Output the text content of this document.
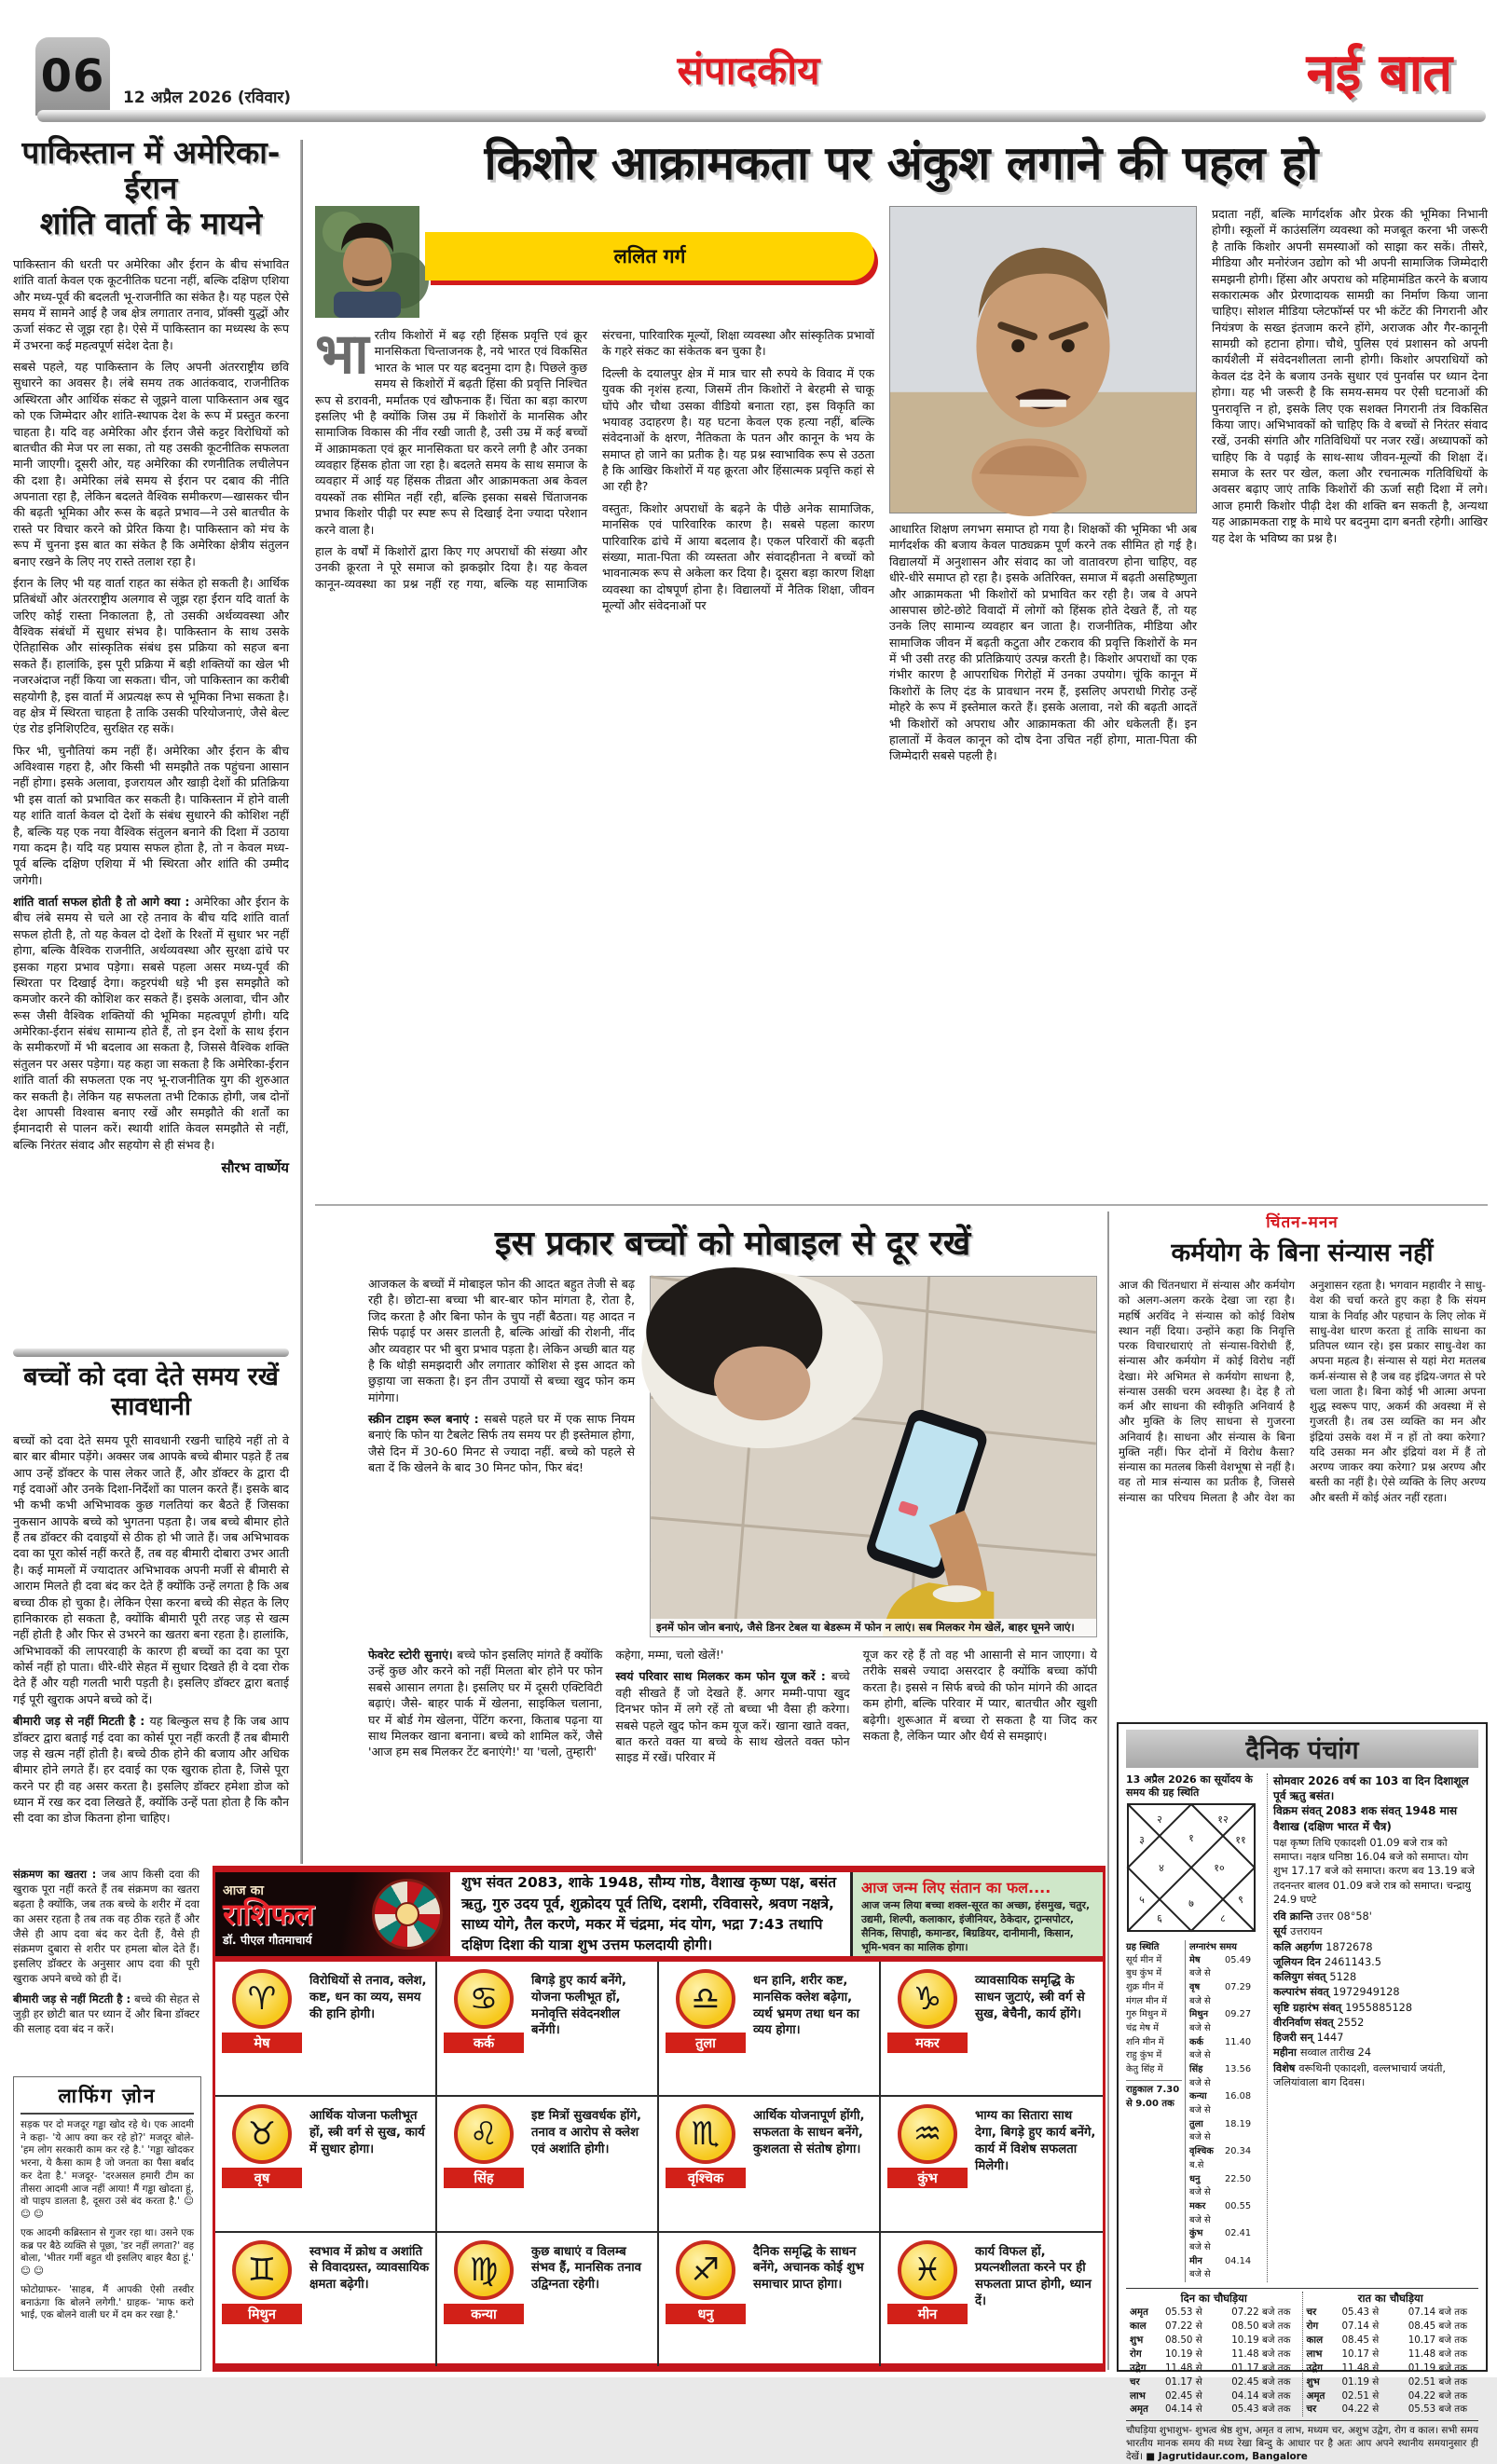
06 12 अप्रैल 2026 (रविवार)
संपादकीय	नई बात
पाकिस्तान में अमेरिका- ईरान
शांति वार्ता के मायने

पाकिस्तान की धरती पर अमेरिका और ईरान के बीच संभावित शांति वार्ता केवल एक कूटनीतिक घटना नहीं, बल्कि दक्षिण एशिया और मध्य-पूर्व की बदलती भू-राजनीति का संकेत है। यह पहल ऐसे समय में सामने आई है जब क्षेत्र लगातार तनाव, प्रॉक्सी युद्धों और ऊर्जा संकट से जूझ रहा है। ऐसे में पाकिस्तान का मध्यस्थ के रूप में उभरना कई महत्वपूर्ण संदेश देता है।

सबसे पहले, यह पाकिस्तान के लिए अपनी अंतरराष्ट्रीय छवि सुधारने का अवसर है। लंबे समय तक आतंकवाद, राजनीतिक अस्थिरता और आर्थिक संकट से जूझने वाला पाकिस्तान अब खुद को एक जिम्मेदार और शांति-स्थापक देश के रूप में प्रस्तुत करना चाहता है। यदि वह अमेरिका और ईरान जैसे कट्टर विरोधियों को बातचीत की मेज पर ला सका, तो यह उसकी कूटनीतिक सफलता मानी जाएगी। दूसरी ओर, यह अमेरिका की रणनीतिक लचीलेपन की दशा है। अमेरिका लंबे समय से ईरान पर दबाव की नीति अपनाता रहा है, लेकिन बदलते वैश्विक समीकरण—खासकर चीन की बढ़ती भूमिका और रूस के बढ़ते प्रभाव—ने उसे बातचीत के रास्ते पर विचार करने को प्रेरित किया है। पाकिस्तान को मंच के रूप में चुनना इस बात का संकेत है कि अमेरिका क्षेत्रीय संतुलन बनाए रखने के लिए नए रास्ते तलाश रहा है।

ईरान के लिए भी यह वार्ता राहत का संकेत हो सकती है। आर्थिक प्रतिबंधों और अंतरराष्ट्रीय अलगाव से जूझ रहा ईरान यदि वार्ता के जरिए कोई रास्ता निकालता है, तो उसकी अर्थव्यवस्था और वैश्विक संबंधों में सुधार संभव है। पाकिस्तान के साथ उसके ऐतिहासिक और सांस्कृतिक संबंध इस प्रक्रिया को सहज बना सकते हैं। हालांकि, इस पूरी प्रक्रिया में बड़ी शक्तियों का खेल भी नजरअंदाज नहीं किया जा सकता। चीन, जो पाकिस्तान का करीबी सहयोगी है, इस वार्ता में अप्रत्यक्ष रूप से भूमिका निभा सकता है। वह क्षेत्र में स्थिरता चाहता है ताकि उसकी परियोजनाएं, जैसे बेल्ट एंड रोड इनिशिएटिव, सुरक्षित रह सकें।

फिर भी, चुनौतियां कम नहीं हैं। अमेरिका और ईरान के बीच अविश्वास गहरा है, और किसी भी समझौते तक पहुंचना आसान नहीं होगा। इसके अलावा, इजरायल और खाड़ी देशों की प्रतिक्रिया भी इस वार्ता को प्रभावित कर सकती है। पाकिस्तान में होने वाली यह शांति वार्ता केवल दो देशों के संबंध सुधारने की कोशिश नहीं है, बल्कि यह एक नया वैश्विक संतुलन बनाने की दिशा में उठाया गया कदम है। यदि यह प्रयास सफल होता है, तो न केवल मध्य-पूर्व बल्कि दक्षिण एशिया में भी स्थिरता और शांति की उम्मीद जगेगी।

शांति वार्ता सफल होती है तो आगे क्या : अमेरिका और ईरान के बीच लंबे समय से चले आ रहे तनाव के बीच यदि शांति वार्ता सफल होती है, तो यह केवल दो देशों के रिश्तों में सुधार भर नहीं होगा, बल्कि वैश्विक राजनीति, अर्थव्यवस्था और सुरक्षा ढांचे पर इसका गहरा प्रभाव पड़ेगा। सबसे पहला असर मध्य-पूर्व की स्थिरता पर दिखाई देगा। कट्टरपंथी धड़े भी इस समझौते को कमजोर करने की कोशिश कर सकते हैं। इसके अलावा, चीन और रूस जैसी वैश्विक शक्तियों की भूमिका महत्वपूर्ण होगी। यदि अमेरिका-ईरान संबंध सामान्य होते हैं, तो इन देशों के साथ ईरान के समीकरणों में भी बदलाव आ सकता है, जिससे वैश्विक शक्ति संतुलन पर असर पड़ेगा। यह कहा जा सकता है कि अमेरिका-ईरान शांति वार्ता की सफलता एक नए भू-राजनीतिक युग की शुरुआत कर सकती है। लेकिन यह सफलता तभी टिकाऊ होगी, जब दोनों देश आपसी विश्वास बनाए रखें और समझौते की शर्तों का ईमानदारी से पालन करें। स्थायी शांति केवल समझौते से नहीं, बल्कि निरंतर संवाद और सहयोग से ही संभव है।

सौरभ वार्ष्णेय
किशोर आक्रामकता पर अंकुश लगाने की पहल हो
ललित गर्ग

भारतीय किशोरों में बढ़ रही हिंसक प्रवृत्ति एवं क्रूर मानसिकता चिन्ताजनक है, नये भारत एवं विकसित भारत के भाल पर यह बदनुमा दाग है। पिछले कुछ समय से किशोरों में बढ़ती हिंसा की प्रवृत्ति निश्चित रूप से डरावनी, मर्मांतक एवं खौफनाक हैं। चिंता का बड़ा कारण इसलिए भी है क्योंकि जिस उम्र में किशोरों के मानसिक और सामाजिक विकास की नींव रखी जाती है, उसी उम्र में कई बच्चों में आक्रामकता एवं क्रूर मानसिकता घर करने लगी है और उनका व्यवहार हिंसक होता जा रहा है। बदलते समय के साथ समाज के व्यवहार में आई यह हिंसक तीव्रता और आक्रामकता अब केवल वयस्कों तक सीमित नहीं रही, बल्कि इसका सबसे चिंताजनक प्रभाव किशोर पीढ़ी पर स्पष्ट रूप से दिखाई देना ज्यादा परेशान करने वाला है।

हाल के वर्षों में किशोरों द्वारा किए गए अपराधों की संख्या और उनकी क्रूरता ने पूरे समाज को झकझोर दिया है। यह केवल कानून-व्यवस्था का प्रश्न नहीं रह गया, बल्कि यह सामाजिक संरचना, पारिवारिक मूल्यों, शिक्षा व्यवस्था और सांस्कृतिक प्रभावों के गहरे संकट का संकेतक बन चुका है।

दिल्ली के दयालपुर क्षेत्र में मात्र चार सौ रुपये के विवाद में एक युवक की नृशंस हत्या, जिसमें तीन किशोरों ने बेरहमी से चाकू घोंपे और चौथा उसका वीडियो बनाता रहा, इस विकृति का भयावह उदाहरण है। यह घटना केवल एक हत्या नहीं, बल्कि संवेदनाओं के क्षरण, नैतिकता के पतन और कानून के भय के समाप्त हो जाने का प्रतीक है। यह प्रश्न स्वाभाविक रूप से उठता है कि आखिर किशोरों में यह क्रूरता और हिंसात्मक प्रवृत्ति कहां से आ रही है?

वस्तुतः, किशोर अपराधों के बढ़ने के पीछे अनेक सामाजिक, मानसिक एवं पारिवारिक कारण है। सबसे पहला कारण पारिवारिक ढांचे में आया बदलाव है। एकल परिवारों की बढ़ती संख्या, माता-पिता की व्यस्तता और संवादहीनता ने बच्चों को भावनात्मक रूप से अकेला कर दिया है। दूसरा बड़ा कारण शिक्षा व्यवस्था का दोषपूर्ण होना है। विद्यालयों में नैतिक शिक्षा, जीवन मूल्यों और संवेदनाओं पर

आधारित शिक्षण लगभग समाप्त हो गया है। शिक्षकों की भूमिका भी अब मार्गदर्शक की बजाय केवल पाठ्यक्रम पूर्ण करने तक सीमित हो गई है। विद्यालयों में अनुशासन और संवाद का जो वातावरण होना चाहिए, वह धीरे-धीरे समाप्त हो रहा है। इसके अतिरिक्त, समाज में बढ़ती असहिष्णुता और आक्रामकता भी किशोरों को प्रभावित कर रही है। जब वे अपने आसपास छोटे-छोटे विवादों में लोगों को हिंसक होते देखते हैं, तो यह उनके लिए सामान्य व्यवहार बन जाता है। राजनीतिक, मीडिया और सामाजिक जीवन में बढ़ती कटुता और टकराव की प्रवृत्ति किशोरों के मन में भी उसी तरह की प्रतिक्रियाएं उत्पन्न करती है। किशोर अपराधों का एक गंभीर कारण है आपराधिक गिरोहों में उनका उपयोग। चूंकि कानून में किशोरों के लिए दंड के प्रावधान नरम हैं, इसलिए अपराधी गिरोह उन्हें मोहरे के रूप में इस्तेमाल करते हैं। इसके अलावा, नशे की बढ़ती आदतें भी किशोरों को अपराध और आक्रामकता की ओर धकेलती हैं। इन हालातों में केवल कानून को दोष देना उचित नहीं होगा, माता-पिता की जिम्मेदारी सबसे पहली है।

प्रदाता नहीं, बल्कि मार्गदर्शक और प्रेरक की भूमिका निभानी होगी। स्कूलों में काउंसलिंग व्यवस्था को मजबूत करना भी जरूरी है ताकि किशोर अपनी समस्याओं को साझा कर सकें। तीसरे, मीडिया और मनोरंजन उद्योग को भी अपनी सामाजिक जिम्मेदारी समझनी होगी। हिंसा और अपराध को महिमामंडित करने के बजाय सकारात्मक और प्रेरणादायक सामग्री का निर्माण किया जाना चाहिए। सोशल मीडिया प्लेटफॉर्म्स पर भी कंटेंट की निगरानी और नियंत्रण के सख्त इंतजाम करने होंगे, अराजक और गैर-कानूनी सामग्री को हटाना होगा। चौथे, पुलिस एवं प्रशासन को अपनी कार्यशैली में संवेदनशीलता लानी होगी। किशोर अपराधियों को केवल दंड देने के बजाय उनके सुधार एवं पुनर्वास पर ध्यान देना होगा। यह भी जरूरी है कि समय-समय पर ऐसी घटनाओं की पुनरावृत्ति न हो, इसके लिए एक सशक्त निगरानी तंत्र विकसित किया जाए। अभिभावकों को चाहिए कि वे बच्चों से निरंतर संवाद रखें, उनकी संगति और गतिविधियों पर नजर रखें। अध्यापकों को चाहिए कि वे पढ़ाई के साथ-साथ जीवन-मूल्यों की शिक्षा दें। समाज के स्तर पर खेल, कला और रचनात्मक गतिविधियों के अवसर बढ़ाए जाएं ताकि किशोरों की ऊर्जा सही दिशा में लगे। आज हमारी किशोर पीढ़ी देश की शक्ति बन सकती है, अन्यथा यह आक्रामकता राष्ट्र के माथे पर बदनुमा दाग बनती रहेगी। आखिर यह देश के भविष्य का प्रश्न है।

बच्चों को दवा देते समय रखें सावधानी

बच्चों को दवा देते समय पूरी सावधानी रखनी चाहिये नहीं तो वे बार बार बीमार पड़ेंगे। अक्सर जब आपके बच्चे बीमार पड़ते हैं तब आप उन्हें डॉक्टर के पास लेकर जाते हैं, और डॉक्टर के द्वारा दी गई दवाओं और उनके दिशा-निर्देशों का पालन करते हैं। इसके बाद भी कभी कभी अभिभावक कुछ गलतियां कर बैठते हैं जिसका नुकसान आपके बच्चे को भुगतना पड़ता है। जब बच्चे बीमार होते हैं तब डॉक्टर की दवाइयों से ठीक हो भी जाते हैं। जब अभिभावक दवा का पूरा कोर्स नहीं करते हैं, तब वह बीमारी दोबारा उभर आती है। कई मामलों में ज्यादातर अभिभावक अपनी मर्जी से बीमारी से आराम मिलते ही दवा बंद कर देते हैं क्योंकि उन्हें लगता है कि अब बच्चा ठीक हो चुका है। लेकिन ऐसा करना बच्चे की सेहत के लिए हानिकारक हो सकता है, क्योंकि बीमारी पूरी तरह जड़ से खत्म नहीं होती है और फिर से उभरने का खतरा बना रहता है। हालांकि, अभिभावकों की लापरवाही के कारण ही बच्चों का दवा का पूरा कोर्स नहीं हो पाता। धीरे-धीरे सेहत में सुधार दिखते ही वे दवा रोक देते हैं और यही गलती भारी पड़ती है। इसलिए डॉक्टर द्वारा बताई गई पूरी खुराक अपने बच्चे को दें।

बीमारी जड़ से नहीं मिटती है : यह बिल्कुल सच है कि जब आप डॉक्टर द्वारा बताई गई दवा का कोर्स पूरा नहीं करती हैं तब बीमारी जड़ से खत्म नहीं होती है। बच्चे ठीक होने की बजाय और अधिक बीमार होने लगते हैं। हर दवाई का एक खुराक होता है, जिसे पूरा करने पर ही वह असर करता है। इसलिए डॉक्टर हमेशा डोज को ध्यान में रख कर दवा लिखते हैं, क्योंकि उन्हें पता होता है कि कौन सी दवा का डोज कितना होना चाहिए।

संक्रमण का खतरा : जब आप किसी दवा की खुराक पूरा नहीं करते हैं तब संक्रमण का खतरा बढ़ता है क्योंकि, जब तक बच्चे के शरीर में दवा का असर रहता है तब तक वह ठीक रहते हैं और जैसे ही आप दवा बंद कर देती हैं, वैसे ही संक्रमण दुबारा से शरीर पर हमला बोल देते हैं। इसलिए डॉक्टर के अनुसार आप दवा की पूरी खुराक अपने बच्चे को ही दें।

बीमारी जड़ से नहीं मिटती है : बच्चे की सेहत से जुड़ी हर छोटी बात पर ध्यान दें और बिना डॉक्टर की सलाह दवा बंद न करें।

लाफिंग ज़ोन

सड़क पर दो मजदूर गड्ढा खोद रहे थे। एक आदमी ने कहा- 'ये आप क्या कर रहे हो?' मजदूर बोले- 'हम लोग सरकारी काम कर रहे है.' 'गड्ढा खोदकर भरना, ये कैसा काम है जो जनता का पैसा बर्बाद कर देता है.' मजदूर- 'दरअसल हमारी टीम का तीसरा आदमी आज नहीं आया! मैं गड्ढा खोदता हूं, वो पाइप डालता है, दूसरा उसे बंद करता है.' ☺ ☺ ☺

एक आदमी कब्रिस्तान से गुजर रहा था। उसने एक कब्र पर बैठे व्यक्ति से पूछा, 'डर नहीं लगता?' वह बोला, 'भीतर गर्मी बहुत थी इसलिए बाहर बैठा हूं.' ☺ ☺

फोटोग्राफर- 'साहब, मैं आपकी ऐसी तस्वीर बनाऊंगा कि बोलने लगेगी.' ग्राहक- 'माफ करो भाई, एक बोलने वाली घर में दम कर रखा है.'

इस प्रकार बच्चों को मोबाइल से दूर रखें

आजकल के बच्चों में मोबाइल फोन की आदत बहुत तेजी से बढ़ रही है। छोटा-सा बच्चा भी बार-बार फोन मांगता है, रोता है, जिद करता है और बिना फोन के चुप नहीं बैठता। यह आदत न सिर्फ पढ़ाई पर असर डालती है, बल्कि आंखों की रोशनी, नींद और व्यवहार पर भी बुरा प्रभाव पड़ता है। लेकिन अच्छी बात यह है कि थोड़ी समझदारी और लगातार कोशिश से इस आदत को छुड़ाया जा सकता है। इन तीन उपायों से बच्चा खुद फोन कम मांगेगा।

स्क्रीन टाइम रूल बनाएं : सबसे पहले घर में एक साफ नियम बनाएं कि फोन या टैबलेट सिर्फ तय समय पर ही इस्तेमाल होगा, जैसे दिन में 30-60 मिनट से ज्यादा नहीं. बच्चे को पहले से बता दें कि खेलने के बाद 30 मिनट फोन, फिर बंद!

इनमें फोन जोन बनाएं, जैसे डिनर टेबल या बेडरूम में फोन न लाएं। सब मिलकर गेम खेलें, बाहर घूमने जाएं।

फेवरेट स्टोरी सुनाएं। बच्चे फोन इसलिए मांगते हैं क्योंकि उन्हें कुछ और करने को नहीं मिलता बोर होने पर फोन सबसे आसान लगता है। इसलिए घर में दूसरी एक्टिविटी बढ़ाएं। जैसे- बाहर पार्क में खेलना, साइकिल चलाना, घर में बोर्ड गेम खेलना, पेंटिंग करना, किताब पढ़ना या साथ मिलकर खाना बनाना। बच्चे को शामिल करें, जैसे 'आज हम सब मिलकर टेंट बनाएंगे!' या 'चलो, तुम्हारी'

कहेगा, मम्मा, चलो खेलें!'

स्वयं परिवार साथ मिलकर कम फोन यूज करें : बच्चे वही सीखते हैं जो देखते हैं. अगर मम्मी-पापा खुद दिनभर फोन में लगे रहें तो बच्चा भी वैसा ही करेगा। सबसे पहले खुद फोन कम यूज करें। खाना खाते वक्त, बात करते वक्त या बच्चे के साथ खेलते वक्त फोन साइड में रखें। परिवार में

यूज कर रहे हैं तो वह भी आसानी से मान जाएगा। ये तरीके सबसे ज्यादा असरदार है क्योंकि बच्चा कॉपी करता है। इससे न सिर्फ बच्चे की फोन मांगने की आदत कम होगी, बल्कि परिवार में प्यार, बातचीत और खुशी बढ़ेगी। शुरूआत में बच्चा रो सकता है या जिद कर सकता है, लेकिन प्यार और धैर्य से समझाएं।

चिंतन-मनन
कर्मयोग के बिना संन्यास नहीं
आज की चिंतनधारा में संन्यास और कर्मयोग को अलग-अलग करके देखा जा रहा है। महर्षि अरविंद ने संन्यास को कोई विशेष स्थान नहीं दिया। उन्होंने कहा कि निवृत्ति परक विचारधाराएं तो संन्यास-विरोधी हैं, संन्यास और कर्मयोग में कोई विरोध नहीं देखा। मेरे अभिमत से कर्मयोग साधना है, संन्यास उसकी चरम अवस्था है। देह है तो कर्म और साधना की स्वीकृति अनिवार्य है और मुक्ति के लिए साधना से गुजरना अनिवार्य है। साधना और संन्यास के बिना मुक्ति नहीं। फिर दोनों में विरोध कैसा? संन्यास का मतलब किसी वेशभूषा से नहीं है। वह तो मात्र संन्यास का प्रतीक है, जिससे संन्यास का परिचय मिलता है और वेश का अनुशासन रहता है। भगवान महावीर ने साधु-वेश की चर्चा करते हुए कहा है कि संयम यात्रा के निर्वाह और पहचान के लिए लोक में साधु-वेश धारण करता हूं ताकि साधना का प्रतिपल ध्यान रहे। इस प्रकार साधु-वेश का अपना महत्व है। संन्यास से यहां मेरा मतलब कर्म-संन्यास से है जब वह इंद्रिय-जगत से परे चला जाता है। बिना कोई भी आत्मा अपना शुद्ध स्वरूप पाए, अकर्म की अवस्था में से गुजरती है। तब उस व्यक्ति का मन और इंद्रियां उसके वश में न हों तो क्या करेगा? यदि उसका मन और इंद्रियां वश में हैं तो अरण्य जाकर क्या करेगा? प्रश्न अरण्य और बस्ती का नहीं है। ऐसे व्यक्ति के लिए अरण्य और बस्ती में कोई अंतर नहीं रहता।
दैनिक पंचांग
13 अप्रैल 2026 का सूर्योदय के समय की ग्रह स्थिति
१
२
३
४
५
६
७
८
९
१०
११
१२
ग्रह स्थिति
सूर्य मीन में
बुध कुंभ में
शुक्र मीन में
मंगल मीन में
गुरु मिथुन में
चंद्र मेष में
शनि मीन में
राहु कुंभ में
केतु सिंह में
राहुकाल 7.30 से 9.00 तक
लग्नारंभ समय
मेष	05.49 बजे से
वृष	07.29 बजे से
मिथुन 09.27 बजे से
कर्क 11.40 बजे से
सिंह 13.56 बजे से
कन्या 16.08 बजे से
तुला 18.19 बजे से
वृश्चिक 20.34 ब.से
धनु	22.50 बजे से
मकर 00.55 बजे से
कुंभ 02.41 बजे से
मीन 04.14 बजे से
सोमवार 2026 वर्ष का 103 वा दिन दिशाशूल पूर्व ऋतु बसंत।
विक्रम संवत् 2083 शक संवत् 1948 मास वैशाख (दक्षिण भारत में चैत्र)
पक्ष कृष्ण तिथि एकादशी 01.09 बजे रात्र को समाप्त। नक्षत्र धनिष्ठा 16.04 बजे को समाप्त। योग शुभ 17.17 बजे को समाप्त। करण बव 13.19 बजे तदनन्तर बालव 01.09 बजे रात्र को समाप्त। चन्द्रायु 24.9 घण्टे
रवि क्रान्ति उत्तर 08°58'
सूर्य उत्तरायन
कलि अहर्गण 1872678
जूलियन दिन 2461143.5
कलियुग संवत् 5128
कल्पारंभ संवत् 1972949128
सृष्टि ग्रहारंभ संवत् 1955885128
वीरनिर्वाण संवत् 2552
हिजरी सन् 1447
महीना सव्वाल तारीख 24
विशेष वरूथिनी एकादशी, वल्लभाचार्य जयंती, जलियांवाला बाग दिवस।
दिन का चौघड़िया
अमृत	05.53 से	07.22 बजे तक
काल	07.22 से	08.50 बजे तक
शुभ	08.50 से	10.19 बजे तक
रोग	10.19 से	11.48 बजे तक
उद्वेग	11.48 से	01.17 बजे तक
चर	01.17 से	02.45 बजे तक
लाभ	02.45 से	04.14 बजे तक
अमृत	04.14 से	05.43 बजे तक
रात का चौघड़िया
चर	05.43 से	07.14 बजे तक
रोग	07.14 से	08.45 बजे तक
काल	08.45 से	10.17 बजे तक
लाभ	10.17 से	11.48 बजे तक
उद्वेग	11.48 से	01.19 बजे तक
शुभ	01.19 से	02.51 बजे तक
अमृत	02.51 से	04.22 बजे तक
चर	04.22 से	05.53 बजे तक
चौघड़िया शुभाशुभ- शुभत्व श्रेष्ठ शुभ, अमृत व लाभ, मध्यम चर, अशुभ उद्वेग, रोग व काल। सभी समय भारतीय मानक समय की मध्य रेखा बिन्दु के आधार पर है अतः आप अपने स्थानीय समयानुसार ही देखें। ■ Jagrutidaur.com, Bangalore
आज का
राशिफल
डॉ. पीएल गौतमाचार्य
शुभ संवत 2083, शाके 1948, सौम्य गोष्ठ, वैशाख कृष्ण पक्ष, बसंत ऋतु, गुरु उदय पूर्व, शुक्रोदय पूर्व तिथि, दशमी, रविवासरे, श्रवण नक्षत्रे, साध्य योगे, तैल करणे, मकर में चंद्रमा, मंद योग, भद्रा 7:43 तथापि दक्षिण दिशा की यात्रा शुभ उत्तम फलदायी होगी।
आज जन्म लिए संतान का फल....
आज जन्म लिया बच्चा शक्ल-सूरत का अच्छा, हंसमुख, चतुर, उद्यमी, शिल्पी, कलाकार, इंजीनियर, ठेकेदार, ट्रान्सपोटर, सैनिक, सिपाही, कमान्डर, बिग्रडियर, दानीमानी, किसान, भूमि-भवन का मालिक होगा।
♈
मेष
विरोधियों से तनाव, क्लेश, कष्ट, धन का व्यय, समय की हानि होगी।	♋
कर्क
बिगड़े हुए कार्य बनेंगे, योजना फलीभूत हों, मनोवृत्ति संवेदनशील बनेंगी।
♎
तुला
धन हानि, शरीर कष्ट, मानसिक क्लेश बढ़ेगा, व्यर्थ भ्रमण तथा धन का व्यय होगा।
♑
मकर
व्यावसायिक समृद्धि के साधन जुटाएं, स्त्री वर्ग से सुख, बेचैनी, कार्य होंगे।
♉
वृष
आर्थिक योजना फलीभूत हों, स्त्री वर्ग से सुख, कार्य में सुधार होगा।	♌
सिंह
इष्ट मित्रों सुखवर्धक होंगे, तनाव व आरोप से क्लेश एवं अशांति होगी।	♏
वृश्चिक
आर्थिक योजनापूर्ण होंगी, सफलता के साधन बनेंगे, कुशलता से संतोष होगा।	♒
कुंभ
भाग्य का सितारा साथ देगा, बिगड़े हुए कार्य बनेंगे, कार्य में विशेष सफलता मिलेगी।
♊
मिथुन
स्वभाव में क्रोध व अशांति से विवादग्रस्त, व्यावसायिक क्षमता बढ़ेगी।	♍
कन्या
कुछ बाधाएं व विलम्ब संभव हैं, मानसिक तनाव उद्विग्नता रहेगी।	♐
धनु
दैनिक समृद्धि के साधन बनेंगे, अचानक कोई शुभ समाचार प्राप्त होगा।	♓
मीन
कार्य विफल हों, प्रयत्नशीलता करने पर ही सफलता प्राप्त होगी, ध्यान दें।
